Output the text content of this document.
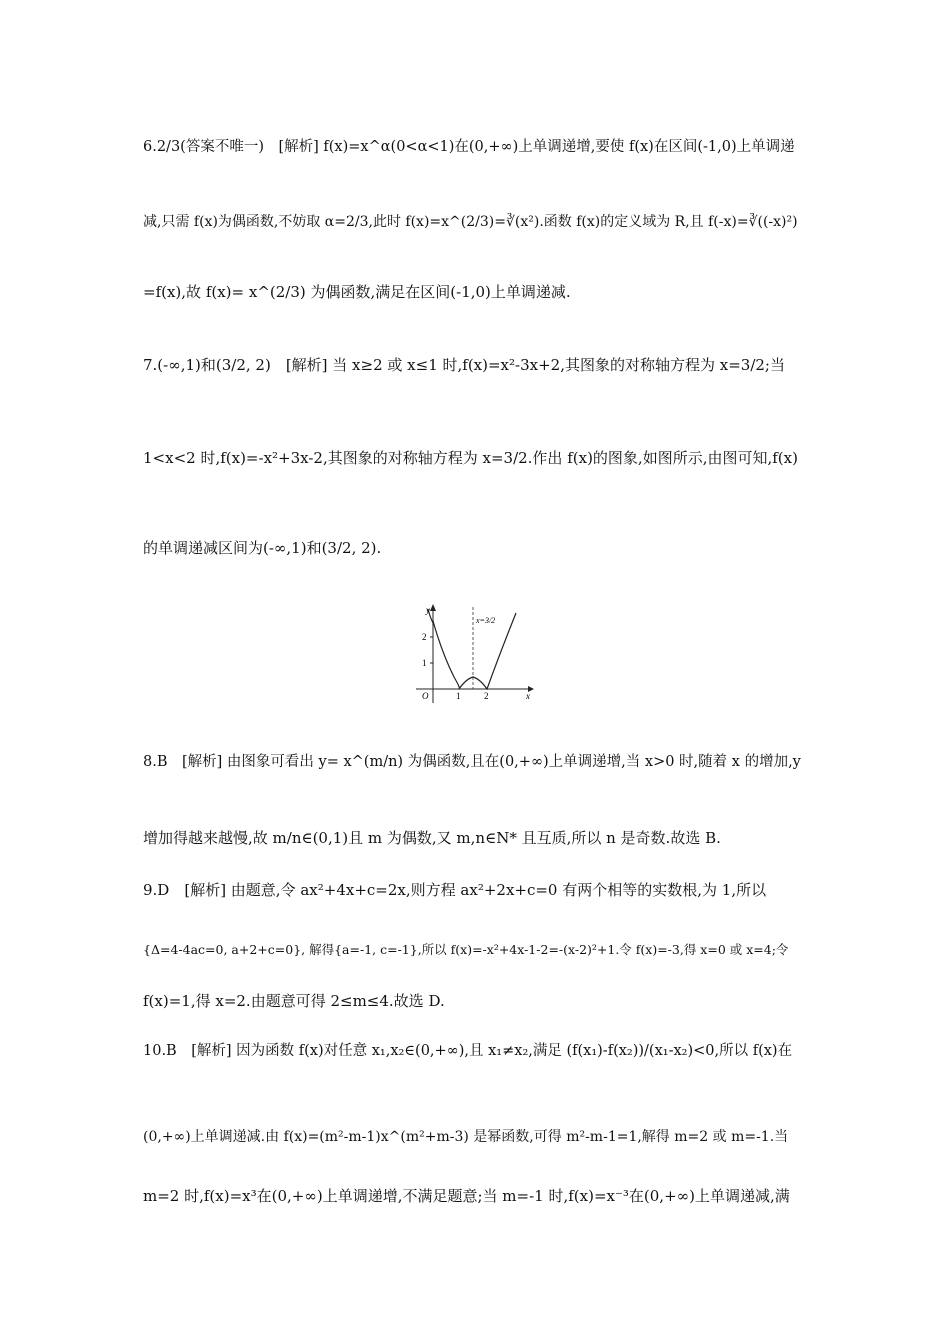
6.2/3(答案不唯一)　[解析] f(x)=x^α(0<α<1)在(0,+∞)上单调递增,要使 f(x)在区间(-1,0)上单调递
减,只需 f(x)为偶函数,不妨取 α=2/3,此时 f(x)=x^(2/3)=∛(x²).函数 f(x)的定义域为 R,且 f(-x)=∛((-x)²)
=f(x),故 f(x)= x^(2/3) 为偶函数,满足在区间(-1,0)上单调递减.
7.(-∞,1)和(3/2, 2)　[解析] 当 x≥2 或 x≤1 时,f(x)=x²-3x+2,其图象的对称轴方程为 x=3/2;当
1<x<2 时,f(x)=-x²+3x-2,其图象的对称轴方程为 x=3/2.作出 f(x)的图象,如图所示,由图可知,f(x)
的单调递减区间为(-∞,1)和(3/2, 2).
y
x
O	1	2
1
2
x=3/2
8.B　[解析] 由图象可看出 y= x^(m/n) 为偶函数,且在(0,+∞)上单调递增,当 x>0 时,随着 x 的增加,y
增加得越来越慢,故 m/n∈(0,1)且 m 为偶数,又 m,n∈N* 且互质,所以 n 是奇数.故选 B.
9.D　[解析] 由题意,令 ax²+4x+c=2x,则方程 ax²+2x+c=0 有两个相等的实数根,为 1,所以
{Δ=4-4ac=0, a+2+c=0}, 解得{a=-1, c=-1},所以 f(x)=-x²+4x-1-2=-(x-2)²+1.令 f(x)=-3,得 x=0 或 x=4;令
f(x)=1,得 x=2.由题意可得 2≤m≤4.故选 D.
10.B　[解析] 因为函数 f(x)对任意 x₁,x₂∈(0,+∞),且 x₁≠x₂,满足 (f(x₁)-f(x₂))/(x₁-x₂)<0,所以 f(x)在
(0,+∞)上单调递减.由 f(x)=(m²-m-1)x^(m²+m-3) 是幂函数,可得 m²-m-1=1,解得 m=2 或 m=-1.当
m=2 时,f(x)=x³在(0,+∞)上单调递增,不满足题意;当 m=-1 时,f(x)=x⁻³在(0,+∞)上单调递减,满
